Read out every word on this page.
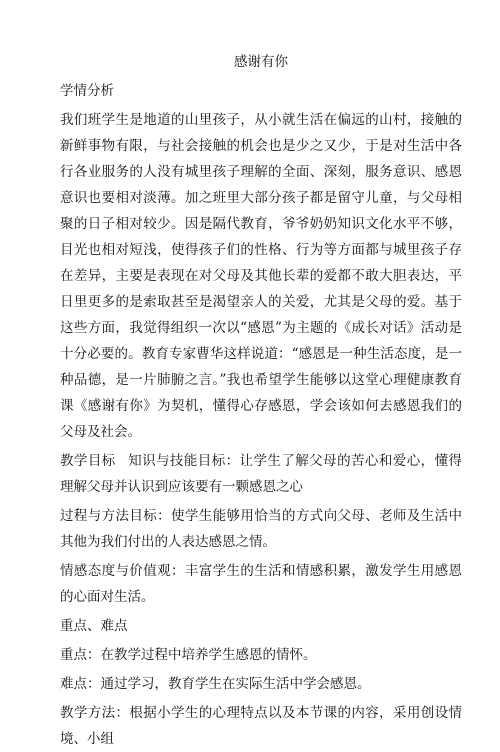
感谢有你
学情分析

我们班学生是地道的山里孩子，从小就生活在偏远的山村，接触的新鲜事物有限，与社会接触的机会也是少之又少，于是对生活中各行各业服务的人没有城里孩子理解的全面、深刻，服务意识、感恩意识也要相对淡薄。加之班里大部分孩子都是留守儿童，与父母相聚的日子相对较少。因是隔代教育，爷爷奶奶知识文化水平不够，目光也相对短浅，使得孩子们的性格、行为等方面都与城里孩子存在差异，主要是表现在对父母及其他长辈的爱都不敢大胆表达，平日里更多的是索取甚至是渴望亲人的关爱，尤其是父母的爱。基于这些方面，我觉得组织一次以“感恩”为主题的《成长对话》活动是十分必要的。教育专家曹华这样说道：“感恩是一种生活态度，是一种品德，是一片肺腑之言。”我也希望学生能够以这堂心理健康教育课《感谢有你》为契机，懂得心存感恩，学会该如何去感恩我们的父母及社会。

教学目标 知识与技能目标：让学生了解父母的苦心和爱心，懂得理解父母并认识到应该要有一颗感恩之心

过程与方法目标：使学生能够用恰当的方式向父母、老师及生活中其他为我们付出的人表达感恩之情。

情感态度与价值观：丰富学生的生活和情感积累，激发学生用感恩的心面对生活。

重点、难点

重点：在教学过程中培养学生感恩的情怀。

难点：通过学习，教育学生在实际生活中学会感恩。

教学方法：根据小学生的心理特点以及本节课的内容，采用创设情境、小组
